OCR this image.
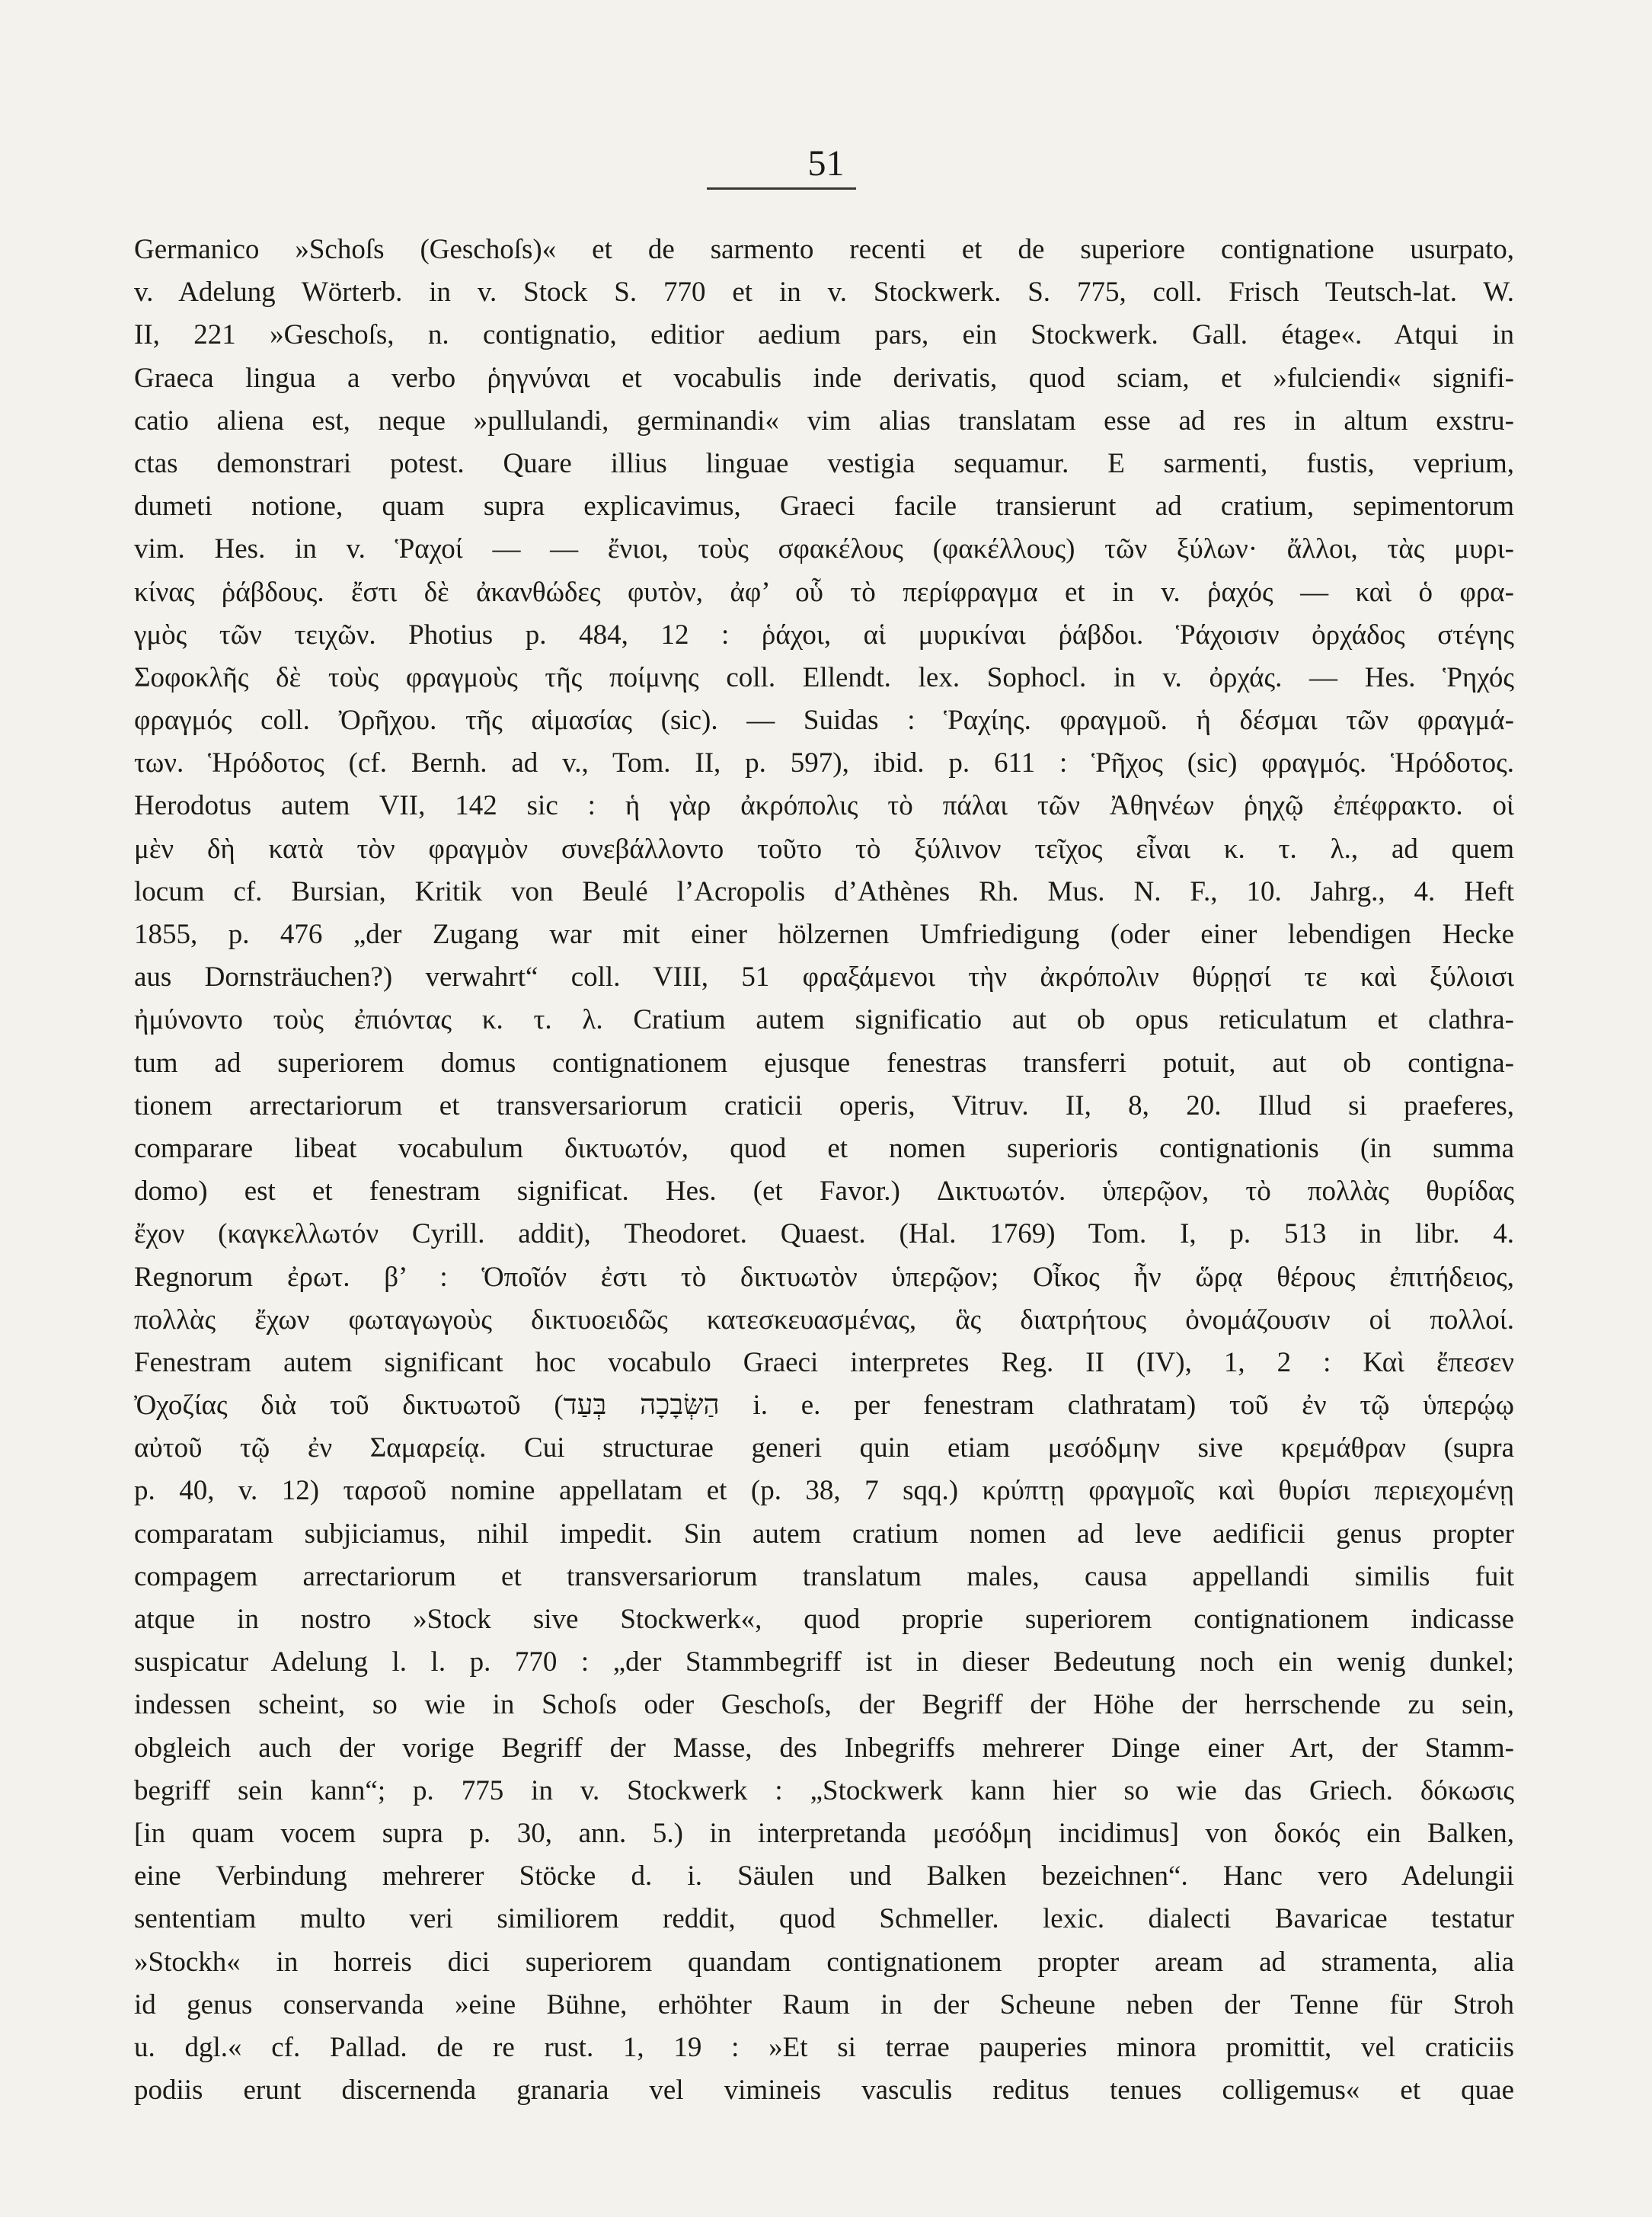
51
Germanico »Schoſs (Geschoſs)« et de sarmento recenti et de superiore contignatione usurpato,
v. Adelung Wörterb. in v. Stock S. 770 et in v. Stockwerk. S. 775, coll. Frisch Teutsch-lat. W.
II, 221 »Geschoſs, n. contignatio, editior aedium pars, ein Stockwerk. Gall. étage«. Atqui in
Graeca lingua a verbo ῥηγνύναι et vocabulis inde derivatis, quod sciam, et »fulciendi« signifi-
catio aliena est, neque »pullulandi, germinandi« vim alias translatam esse ad res in altum exstru-
ctas demonstrari potest. Quare illius linguae vestigia sequamur. E sarmenti, fustis, veprium,
dumeti notione, quam supra explicavimus, Graeci facile transierunt ad cratium, sepimentorum
vim. Hes. in v. Ῥαχοί — — ἔνιοι, τοὺς σφακέλους (φακέλλους) τῶν ξύλων· ἄλλοι, τὰς μυρι-
κίνας ῥάβδους. ἔστι δὲ ἀκανθώδες φυτὸν, ἀφ’ οὗ τὸ περίφραγμα et in v. ῥαχός — καὶ ὁ φρα-
γμὸς τῶν τειχῶν. Photius p. 484, 12 : ῥάχοι, αἱ μυρικίναι ῥάβδοι. Ῥάχοισιν ὀρχάδος στέγης
Σοφοκλῆς δὲ τοὺς φραγμοὺς τῆς ποίμνης coll. Ellendt. lex. Sophocl. in v. ὀρχάς. — Hes. Ῥηχός
φραγμός coll. Ὀρῆχου. τῆς αἱμασίας (sic). — Suidas : Ῥαχίης. φραγμοῦ. ἡ δέσμαι τῶν φραγμά-
των. Ἡρόδοτος (cf. Bernh. ad v., Tom. II, p. 597), ibid. p. 611 : Ῥῆχος (sic) φραγμός. Ἡρόδοτος.
Herodotus autem VII, 142 sic : ἡ γὰρ ἀκρόπολις τὸ πάλαι τῶν Ἀθηνέων ῥηχῷ ἐπέφρακτο. οἱ
μὲν δὴ κατὰ τὸν φραγμὸν συνεβάλλοντο τοῦτο τὸ ξύλινον τεῖχος εἶναι κ. τ. λ., ad quem
locum cf. Bursian, Kritik von Beulé l’Acropolis d’Athènes Rh. Mus. N. F., 10. Jahrg., 4. Heft
1855, p. 476 „der Zugang war mit einer hölzernen Umfriedigung (oder einer lebendigen Hecke
aus Dornsträuchen?) verwahrt“ coll. VIII, 51 φραξάμενοι τὴν ἀκρόπολιν θύρῃσί τε καὶ ξύλοισι
ἠμύνοντο τοὺς ἐπιόντας κ. τ. λ. Cratium autem significatio aut ob opus reticulatum et clathra-
tum ad superiorem domus contignationem ejusque fenestras transferri potuit, aut ob contigna-
tionem arrectariorum et transversariorum craticii operis, Vitruv. II, 8, 20. Illud si praeferes,
comparare libeat vocabulum δικτυωτόν, quod et nomen superioris contignationis (in summa
domo) est et fenestram significat. Hes. (et Favor.) Δικτυωτόν. ὑπερῷον, τὸ πολλὰς θυρίδας
ἔχον (καγκελλωτόν Cyrill. addit), Theodoret. Quaest. (Hal. 1769) Tom. I, p. 513 in libr. 4.
Regnorum ἐρωτ. β’ : Ὁποῖόν ἐστι τὸ δικτυωτὸν ὑπερῷον; Οἶκος ἦν ὥρᾳ θέρους ἐπιτήδειος,
πολλὰς ἔχων φωταγωγοὺς δικτυοειδῶς κατεσκευασμένας, ἃς διατρήτους ὀνομάζουσιν οἱ πολλοί.
Fenestram autem significant hoc vocabulo Graeci interpretes Reg. II (IV), 1, 2 : Καὶ ἔπεσεν
Ὀχοζίας διὰ τοῦ δικτυωτοῦ (הַשְּׂבָכָה בְּעַד i. e. per fenestram clathratam) τοῦ ἐν τῷ ὑπερῴῳ
αὐτοῦ τῷ ἐν Σαμαρείᾳ. Cui structurae generi quin etiam μεσόδμην sive κρεμάθραν (supra
p. 40, v. 12) ταρσοῦ nomine appellatam et (p. 38, 7 sqq.) κρύπτῃ φραγμοῖς καὶ θυρίσι περιεχομένῃ
comparatam subjiciamus, nihil impedit. Sin autem cratium nomen ad leve aedificii genus propter
compagem arrectariorum et transversariorum translatum males, causa appellandi similis fuit
atque in nostro »Stock sive Stockwerk«, quod proprie superiorem contignationem indicasse
suspicatur Adelung l. l. p. 770 : „der Stammbegriff ist in dieser Bedeutung noch ein wenig dunkel;
indessen scheint, so wie in Schoſs oder Geschoſs, der Begriff der Höhe der herrschende zu sein,
obgleich auch der vorige Begriff der Masse, des Inbegriffs mehrerer Dinge einer Art, der Stamm-
begriff sein kann“; p. 775 in v. Stockwerk : „Stockwerk kann hier so wie das Griech. δόκωσις
[in quam vocem supra p. 30, ann. 5.) in interpretanda μεσόδμη incidimus] von δοκός ein Balken,
eine Verbindung mehrerer Stöcke d. i. Säulen und Balken bezeichnen“. Hanc vero Adelungii
sententiam multo veri similiorem reddit, quod Schmeller. lexic. dialecti Bavaricae testatur
»Stockh« in horreis dici superiorem quandam contignationem propter aream ad stramenta, alia
id genus conservanda »eine Bühne, erhöhter Raum in der Scheune neben der Tenne für Stroh
u. dgl.« cf. Pallad. de re rust. 1, 19 : »Et si terrae pauperies minora promittit, vel craticiis
podiis erunt discernenda granaria vel vimineis vasculis reditus tenues colligemus« et quae
